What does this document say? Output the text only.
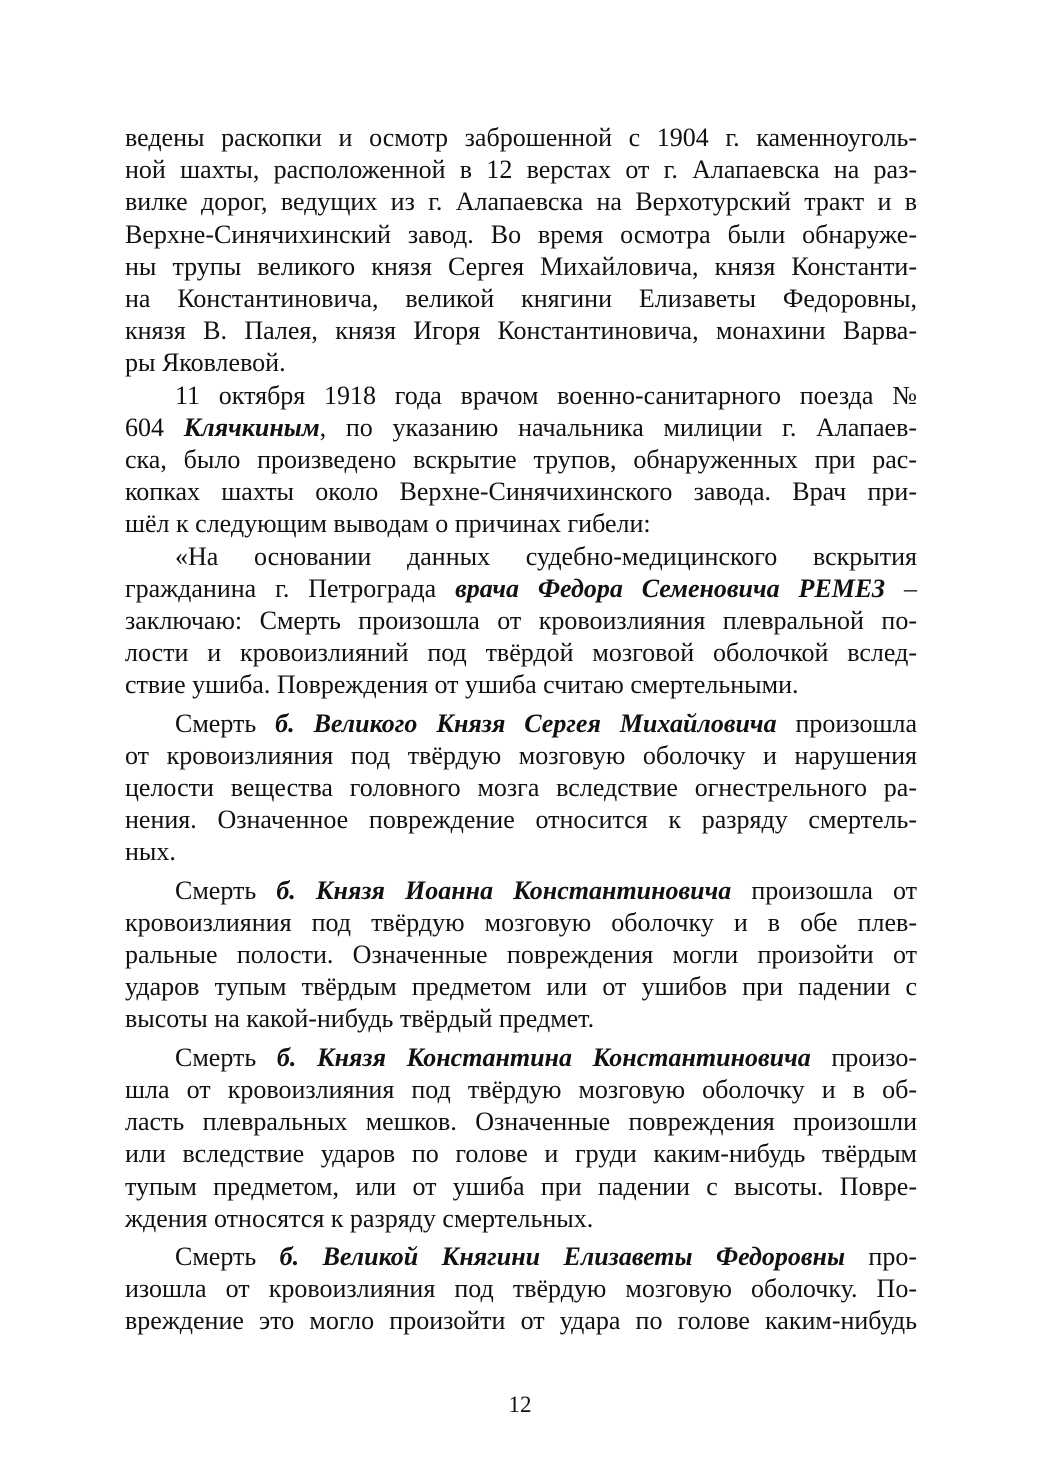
ведены раскопки и осмотр заброшенной с 1904 г. каменноуголь-
ной шахты, расположенной в 12 верстах от г. Алапаевска на раз-
вилке дорог, ведущих из г. Алапаевска на Верхотурский тракт и в
Верхне-Синячихинский завод. Во время осмотра были обнаруже-
ны трупы великого князя Сергея Михайловича, князя Константи-
на Константиновича, великой княгини Елизаветы Федоровны,
князя В. Палея, князя Игоря Константиновича, монахини Варва-
ры Яковлевой.
11 октября 1918 года врачом военно-санитарного поезда №
604 Клячкиным, по указанию начальника милиции г. Алапаев-
ска, было произведено вскрытие трупов, обнаруженных при рас-
копках шахты около Верхне-Синячихинского завода. Врач при-
шёл к следующим выводам о причинах гибели:
«На основании данных судебно-медицинского вскрытия
гражданина г. Петрограда врача Федора Семеновича РЕМЕЗ –
заключаю: Смерть произошла от кровоизлияния плевральной по-
лости и кровоизлияний под твёрдой мозговой оболочкой вслед-
ствие ушиба. Повреждения от ушиба считаю смертельными.
Смерть б. Великого Князя Сергея Михайловича произошла
от кровоизлияния под твёрдую мозговую оболочку и нарушения
целости вещества головного мозга вследствие огнестрельного ра-
нения. Означенное повреждение относится к разряду смертель-
ных.
Смерть б. Князя Иоанна Константиновича произошла от
кровоизлияния под твёрдую мозговую оболочку и в обе плев-
ральные полости. Означенные повреждения могли произойти от
ударов тупым твёрдым предметом или от ушибов при падении с
высоты на какой-нибудь твёрдый предмет.
Смерть б. Князя Константина Константиновича произо-
шла от кровоизлияния под твёрдую мозговую оболочку и в об-
ласть плевральных мешков. Означенные повреждения произошли
или вследствие ударов по голове и груди каким-нибудь твёрдым
тупым предметом, или от ушиба при падении с высоты. Повре-
ждения относятся к разряду смертельных.
Смерть б. Великой Княгини Елизаветы Федоровны про-
изошла от кровоизлияния под твёрдую мозговую оболочку. По-
вреждение это могло произойти от удара по голове каким-нибудь
12
